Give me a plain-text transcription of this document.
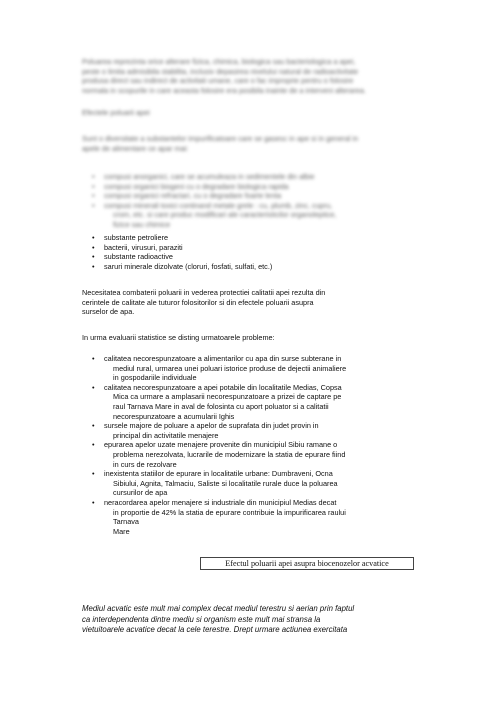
Poluarea reprezinta orice alterare fizica, chimica, biologica sau bacteriologica a apei,
peste o limita admisibila stabilita, inclusiv depasirea nivelului natural de radioactivitate
produsa direct sau indirect de activitati umane, care o fac improprie pentru o folosire
normala in scopurile in care aceasta folosire era posibila inainte de a interveni alterarea.

Efectele poluarii apei

Sunt o diversitate a substantelor impurificatoare care se gasesc in ape si in general in
apele de alimentare ce apar mai:

• compusi anorganici, care se acumuleaza in sedimentele din albie
• compusi organici biogeni cu o degradare biologica rapida
• compusi organici refractari, cu o degradare foarte lenta
• compusi minerali toxici continand metale grele : cu, plumb, zinc, cupru,
crom, etc. si care produc modificari ale caracteristicilor organoleptice,
fizice sau chimice
• substante petroliere
• bacterii, virusuri, paraziti
• substante radioactive
• saruri minerale dizolvate (cloruri, fosfati, sulfati, etc.)

Necesitatea combaterii poluarii in vederea protectiei calitatii apei rezulta din
cerintele de calitate ale tuturor folositorilor si din efectele poluarii asupra
surselor de apa.

In urma evaluarii statistice se disting urmatoarele probleme:

• calitatea necorespunzatoare a alimentarilor cu apa din surse subterane in
mediul rural, urmarea unei poluari istorice produse de dejectii animaliere
in gospodariile individuale
• calitatea necorespunzatoare a apei potabile din localitatile Medias, Copsa
Mica ca urmare a amplasarii necorespunzatoare a prizei de captare pe
raul Tarnava Mare in aval de folosinta cu aport poluator si a calitatii
necorespunzatoare a acumularii Ighis
• sursele majore de poluare a apelor de suprafata din judet provin in
principal din activitatile menajere
• epurarea apelor uzate menajere provenite din municipiul Sibiu ramane o
problema nerezolvata, lucrarile de modernizare la statia de epurare fiind
in curs de rezolvare
• inexistenta statiilor de epurare in localitatile urbane: Dumbraveni, Ocna
Sibiului, Agnita, Talmaciu, Saliste si localitatile rurale duce la poluarea
cursurilor de apa
• neracordarea apelor menajere si industriale din municipiul Medias decat
in proportie de 42% la statia de epurare contribuie la impurificarea raului
Tarnava
Mare
Efectul poluarii apei asupra biocenozelor acvatice

Mediul acvatic este mult mai complex decat mediul terestru si aerian prin faptul
ca interdependenta dintre mediu si organism este mult mai stransa la
vietuitoarele acvatice decat la cele terestre. Drept urmare actiunea exercitata
